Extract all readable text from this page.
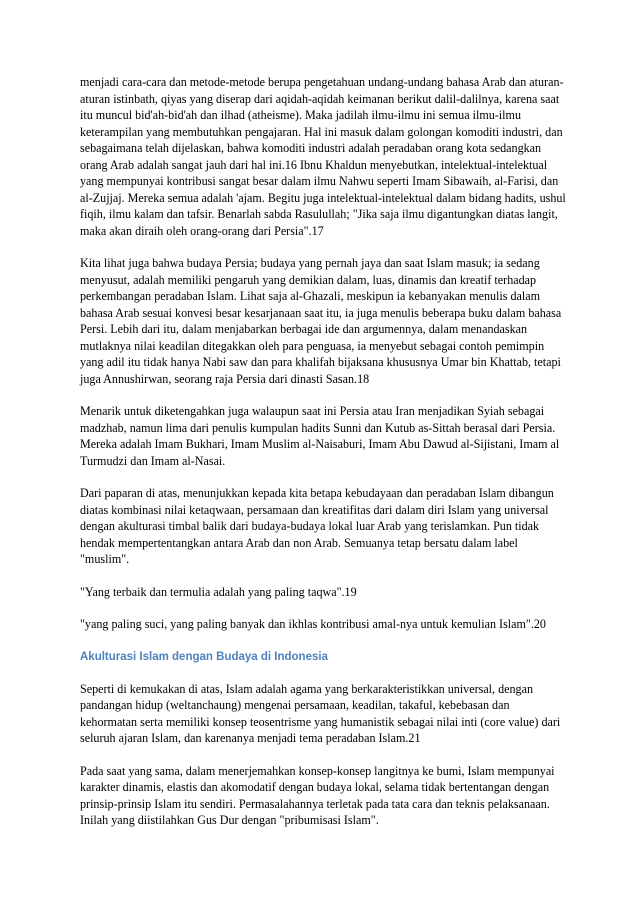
menjadi cara-cara dan metode-metode berupa pengetahuan undang-undang bahasa Arab dan aturan-aturan istinbath, qiyas yang diserap dari aqidah-aqidah keimanan berikut dalil-dalilnya, karena saat itu muncul bid'ah-bid'ah dan ilhad (atheisme). Maka jadilah ilmu-ilmu ini semua ilmu-ilmu keterampilan yang membutuhkan pengajaran. Hal ini masuk dalam golongan komoditi industri, dan sebagaimana telah dijelaskan, bahwa komoditi industri adalah peradaban orang kota sedangkan orang Arab adalah sangat jauh dari hal ini.16 Ibnu Khaldun menyebutkan, intelektual-intelektual yang mempunyai kontribusi sangat besar dalam ilmu Nahwu seperti Imam Sibawaih, al-Farisi, dan al-Zujjaj. Mereka semua adalah 'ajam. Begitu juga intelektual-intelektual dalam bidang hadits, ushul fiqih, ilmu kalam dan tafsir. Benarlah sabda Rasulullah; "Jika saja ilmu digantungkan diatas langit, maka akan diraih oleh orang-orang dari Persia".17

Kita lihat juga bahwa budaya Persia; budaya yang pernah jaya dan saat Islam masuk; ia sedang menyusut, adalah memiliki pengaruh yang demikian dalam, luas, dinamis dan kreatif terhadap perkembangan peradaban Islam. Lihat saja al-Ghazali, meskipun ia kebanyakan menulis dalam bahasa Arab sesuai konvesi besar kesarjanaan saat itu, ia juga menulis beberapa buku dalam bahasa Persi. Lebih dari itu, dalam menjabarkan berbagai ide dan argumennya, dalam menandaskan mutlaknya nilai keadilan ditegakkan oleh para penguasa, ia menyebut sebagai contoh pemimpin yang adil itu tidak hanya Nabi saw dan para khalifah bijaksana khususnya Umar bin Khattab, tetapi juga Annushirwan, seorang raja Persia dari dinasti Sasan.18

Menarik untuk diketengahkan juga walaupun saat ini Persia atau Iran menjadikan Syiah sebagai madzhab, namun lima dari penulis kumpulan hadits Sunni dan Kutub as-Sittah berasal dari Persia. Mereka adalah Imam Bukhari, Imam Muslim al-Naisaburi, Imam Abu Dawud al-Sijistani, Imam al Turmudzi dan Imam al-Nasai.

Dari paparan di atas, menunjukkan kepada kita betapa kebudayaan dan peradaban Islam dibangun diatas kombinasi nilai ketaqwaan, persamaan dan kreatifitas dari dalam diri Islam yang universal dengan akulturasi timbal balik dari budaya-budaya lokal luar Arab yang terislamkan. Pun tidak hendak mempertentangkan antara Arab dan non Arab. Semuanya tetap bersatu dalam label "muslim".

"Yang terbaik dan termulia adalah yang paling taqwa".19

"yang paling suci, yang paling banyak dan ikhlas kontribusi amal-nya untuk kemulian Islam".20

Akulturasi Islam dengan Budaya di Indonesia

Seperti di kemukakan di atas, Islam adalah agama yang berkarakteristikkan universal, dengan pandangan hidup (weltanchaung) mengenai persamaan, keadilan, takaful, kebebasan dan kehormatan serta memiliki konsep teosentrisme yang humanistik sebagai nilai inti (core value) dari seluruh ajaran Islam, dan karenanya menjadi tema peradaban Islam.21

Pada saat yang sama, dalam menerjemahkan konsep-konsep langitnya ke bumi, Islam mempunyai karakter dinamis, elastis dan akomodatif dengan budaya lokal, selama tidak bertentangan dengan prinsip-prinsip Islam itu sendiri. Permasalahannya terletak pada tata cara dan teknis pelaksanaan. Inilah yang diistilahkan Gus Dur dengan "pribumisasi Islam".
